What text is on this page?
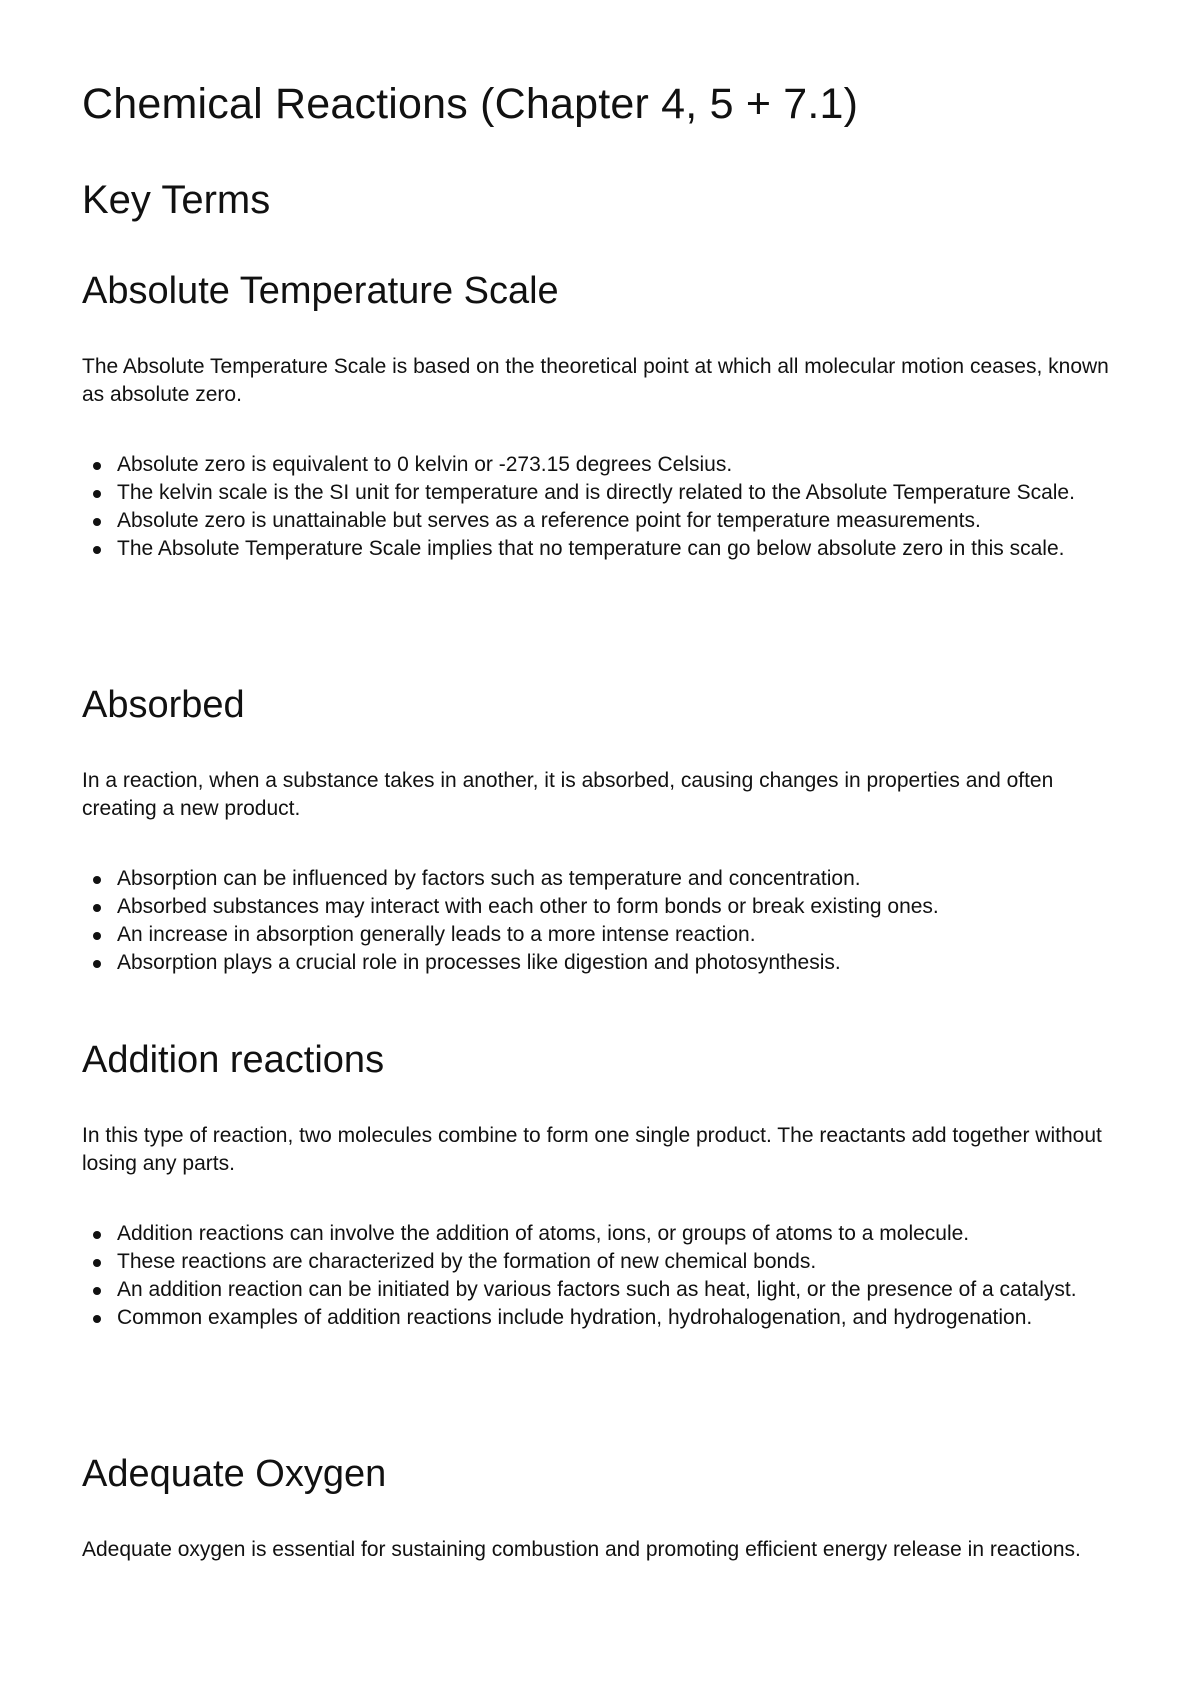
Chemical Reactions (Chapter 4, 5 + 7.1)
Key Terms
Absolute Temperature Scale

The Absolute Temperature Scale is based on the theoretical point at which all molecular motion ceases, known as absolute zero.

Absolute zero is equivalent to 0 kelvin or -273.15 degrees Celsius.
The kelvin scale is the SI unit for temperature and is directly related to the Absolute Temperature Scale.
Absolute zero is unattainable but serves as a reference point for temperature measurements.
The Absolute Temperature Scale implies that no temperature can go below absolute zero in this scale.
Absorbed

In a reaction, when a substance takes in another, it is absorbed, causing changes in properties and often creating a new product.

Absorption can be influenced by factors such as temperature and concentration.
Absorbed substances may interact with each other to form bonds or break existing ones.
An increase in absorption generally leads to a more intense reaction.
Absorption plays a crucial role in processes like digestion and photosynthesis.
Addition reactions

In this type of reaction, two molecules combine to form one single product. The reactants add together without losing any parts.

Addition reactions can involve the addition of atoms, ions, or groups of atoms to a molecule.
These reactions are characterized by the formation of new chemical bonds.
An addition reaction can be initiated by various factors such as heat, light, or the presence of a catalyst.
Common examples of addition reactions include hydration, hydrohalogenation, and hydrogenation.
Adequate Oxygen

Adequate oxygen is essential for sustaining combustion and promoting efficient energy release in reactions.
